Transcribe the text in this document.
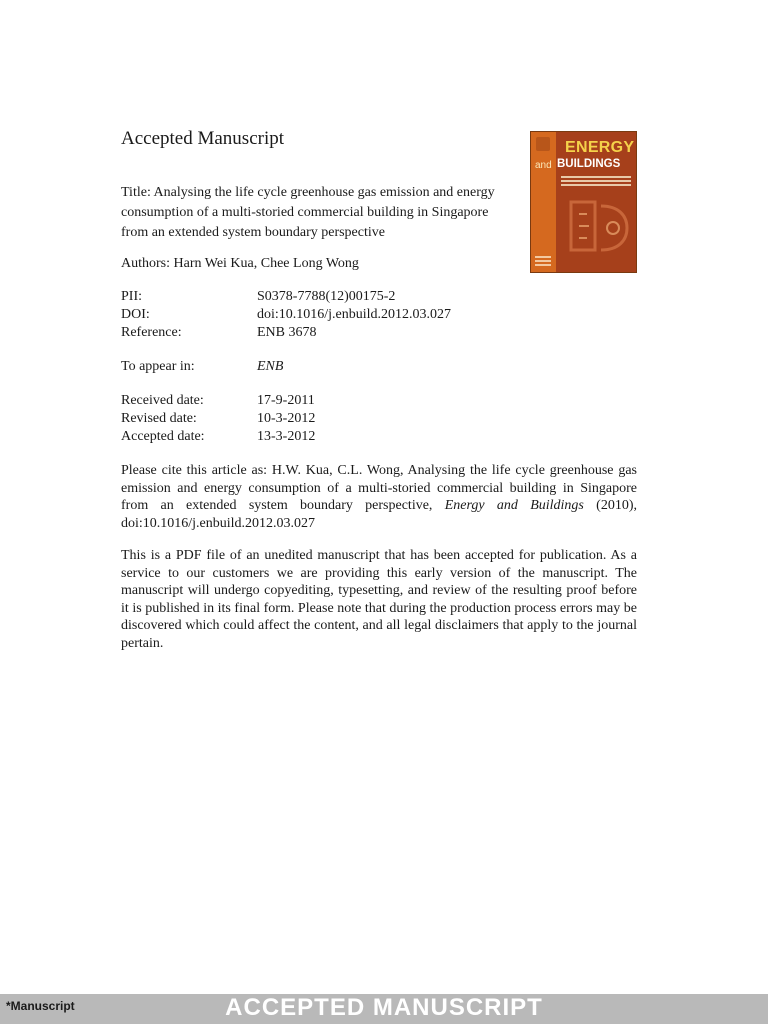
Accepted Manuscript
Title: Analysing the life cycle greenhouse gas emission and energy consumption of a multi-storied commercial building in Singapore from an extended system boundary perspective
Authors: Harn Wei Kua, Chee Long Wong
PII:	S0378-7788(12)00175-2
DOI:	doi:10.1016/j.enbuild.2012.03.027
Reference:	ENB 3678
To appear in:	ENB
Received date:	17-9-2011
Revised date:	10-3-2012
Accepted date:	13-3-2012

Please cite this article as: H.W. Kua, C.L. Wong, Analysing the life cycle greenhouse gas emission and energy consumption of a multi-storied commercial building in Singapore from an extended system boundary perspective, Energy and Buildings (2010), doi:10.1016/j.enbuild.2012.03.027

This is a PDF file of an unedited manuscript that has been accepted for publication. As a service to our customers we are providing this early version of the manuscript. The manuscript will undergo copyediting, typesetting, and review of the resulting proof before it is published in its final form. Please note that during the production process errors may be discovered which could affect the content, and all legal disclaimers that apply to the journal pertain.

ENERGY
and BUILDINGS
ACCEPTED MANUSCRIPT
*Manuscript
